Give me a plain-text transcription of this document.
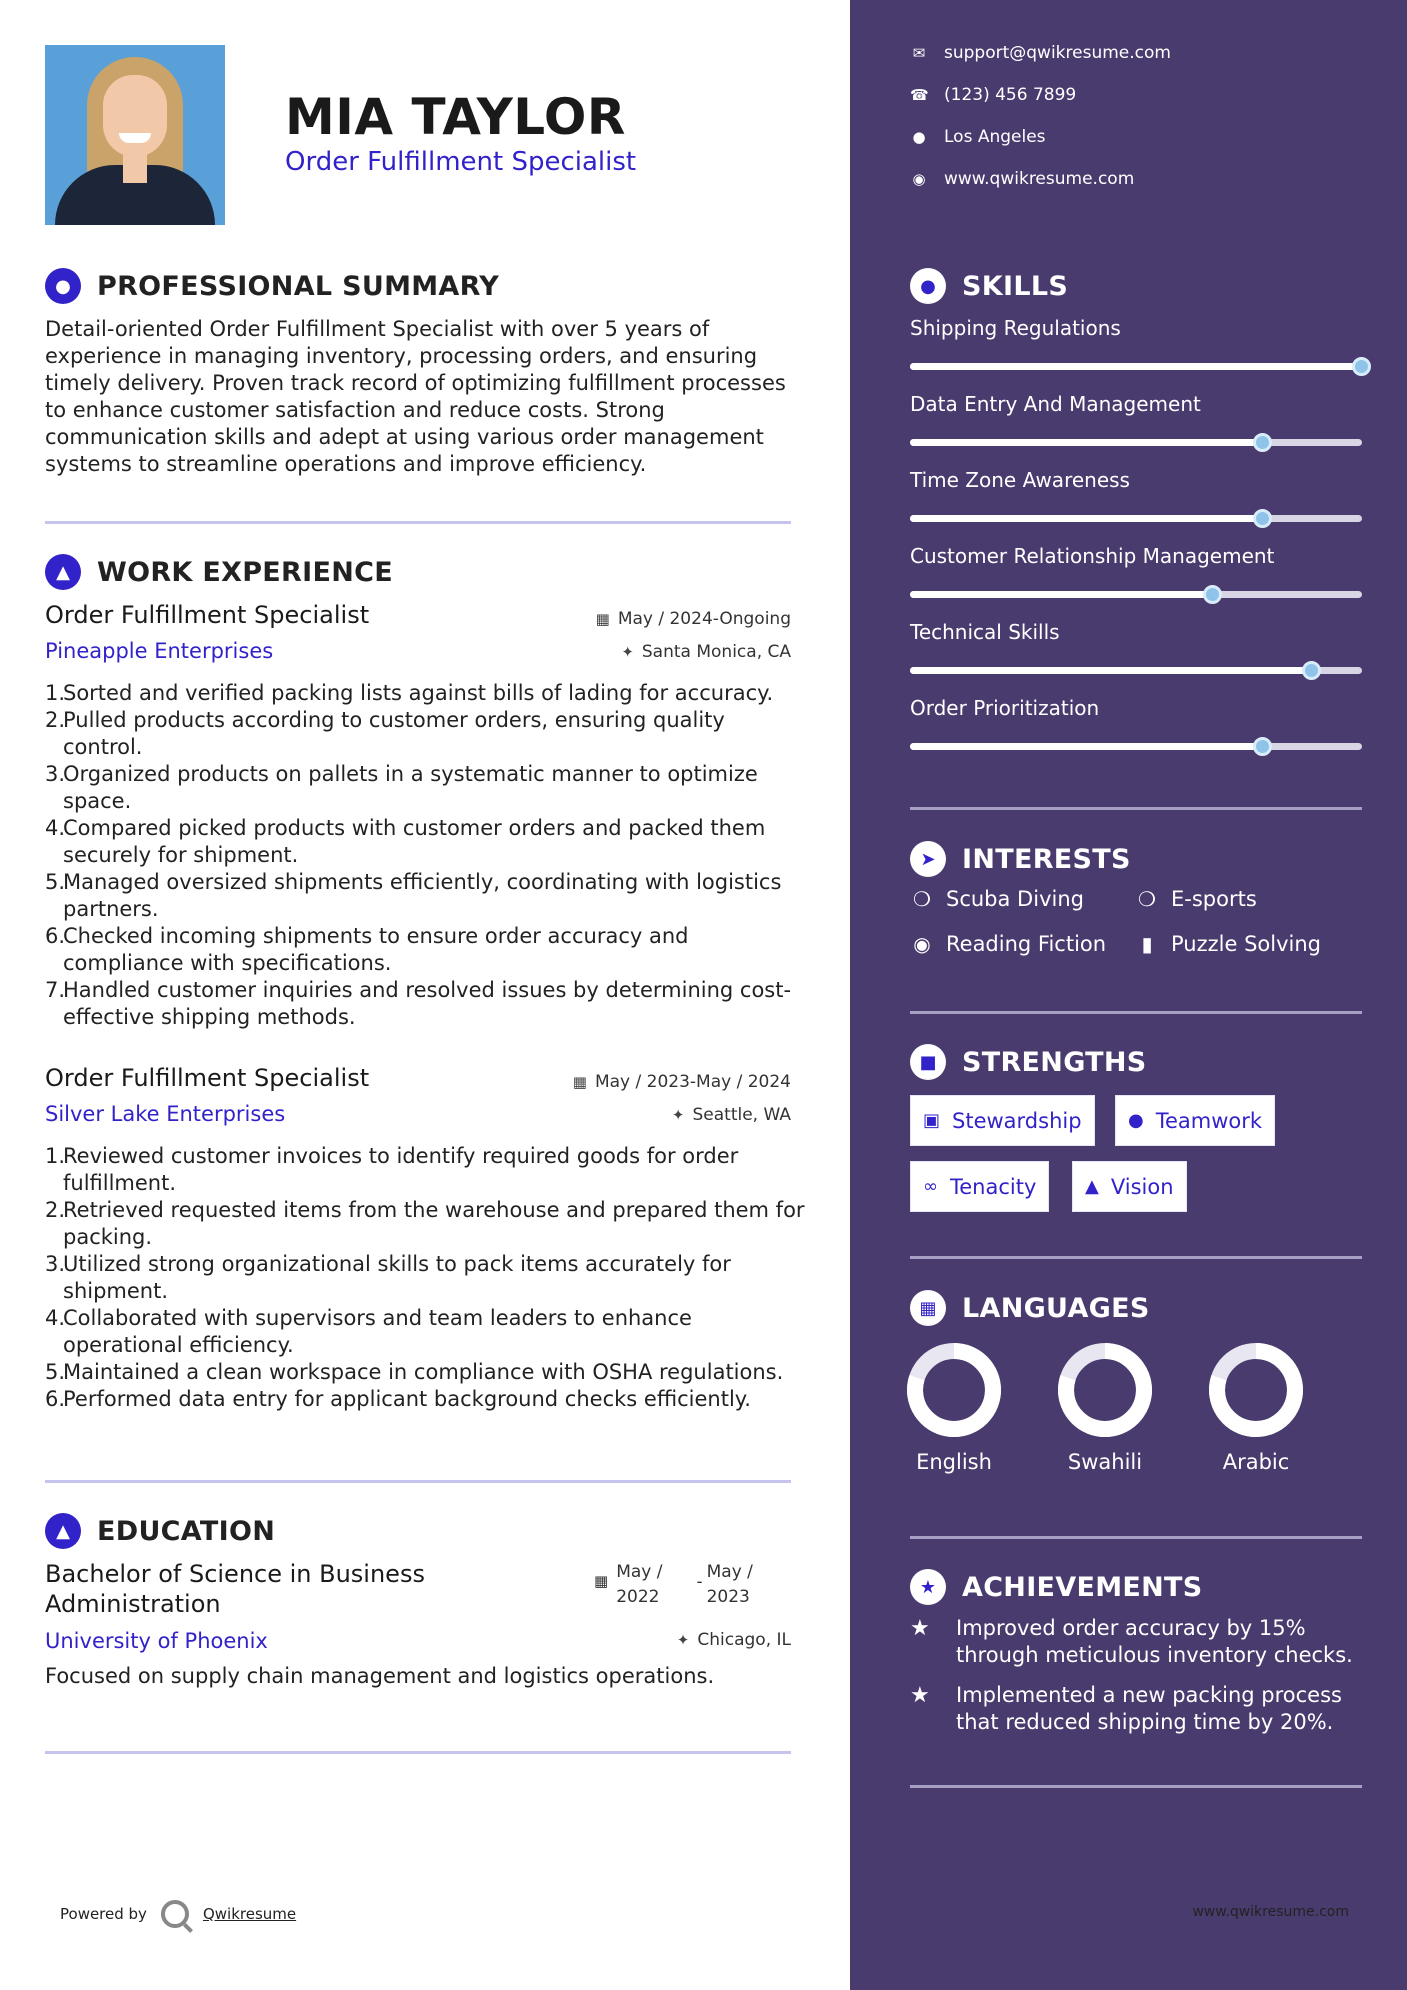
MIA TAYLOR
Order Fulfillment Specialist
● PROFESSIONAL SUMMARY
Detail-oriented Order Fulfillment Specialist with over 5 years of experience in managing inventory, processing orders, and ensuring timely delivery. Proven track record of optimizing fulfillment processes to enhance customer satisfaction and reduce costs. Strong communication skills and adept at using various order management systems to streamline operations and improve efficiency.
▲	WORK EXPERIENCE
Order Fulfillment Specialist
Pineapple Enterprises
▦ May / 2024-Ongoing
✦ Santa Monica, CA
1.
Sorted and verified packing lists against bills of lading for accuracy.
2.
Pulled products according to customer orders, ensuring quality control.
3.
Organized products on pallets in a systematic manner to optimize space.
4.
Compared picked products with customer orders and packed them securely for shipment.
5.
Managed oversized shipments efficiently, coordinating with logistics partners.
6.
Checked incoming shipments to ensure order accuracy and compliance with specifications.
7.
Handled customer inquiries and resolved issues by determining cost-effective shipping methods.
Order Fulfillment Specialist
Silver Lake Enterprises
▦ May / 2023-May / 2024
✦ Seattle, WA
1.
Reviewed customer invoices to identify required goods for order fulfillment.
2.
Retrieved requested items from the warehouse and prepared them for packing.
3.
Utilized strong organizational skills to pack items accurately for shipment.
4.
Collaborated with supervisors and team leaders to enhance operational efficiency.
5.
Maintained a clean workspace in compliance with OSHA regulations.
6.
Performed data entry for applicant background checks efficiently.
▲	EDUCATION
Bachelor of Science in Business
Administration
University of Phoenix
▦ May /
2022
- May /
2023
✦ Chicago, IL
Focused on supply chain management and logistics operations.
Powered by	Qwikresume
✉ support@qwikresume.com
☎ (123) 456 7899
● Los Angeles
◉ www.qwikresume.com
● SKILLS
Shipping Regulations
Data Entry And Management
Time Zone Awareness
Customer Relationship Management
Technical Skills
Order Prioritization
➤ INTERESTS
❍ Scuba Diving	❍ E-sports
◉ Reading Fiction	▮ Puzzle Solving
■ STRENGTHS
▣ Stewardship	● Teamwork
∞ Tenacity	▲ Vision
▦ LANGUAGES
English	Swahili	Arabic
★ ACHIEVEMENTS
★	Improved order accuracy by 15%
through meticulous inventory checks.
★	Implemented a new packing process
that reduced shipping time by 20%.
www.qwikresume.com
